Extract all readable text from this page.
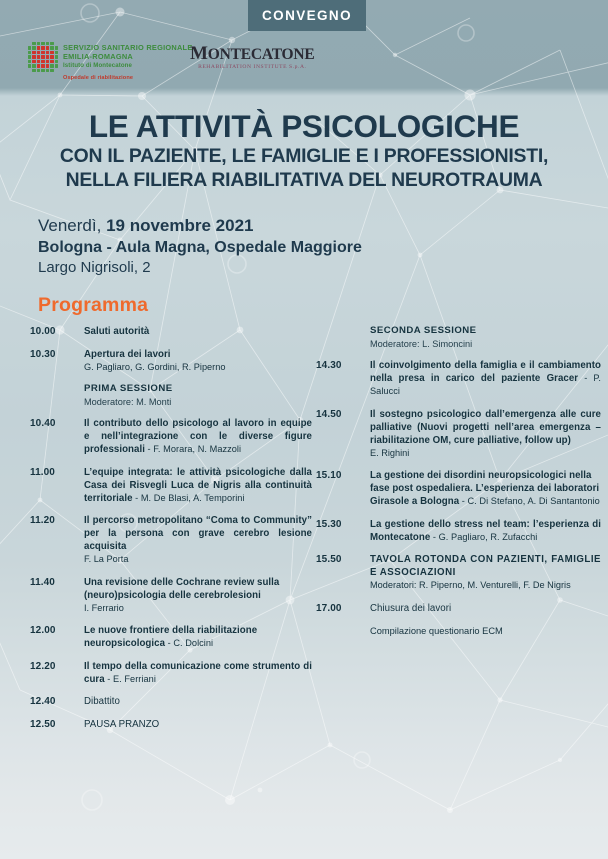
CONVEGNO
SERVIZIO SANITARIO REGIONALE
EMILIA-ROMAGNA
Istituto di Montecatone
Ospedale di riabilitazione
MONTECATONE
REHABILITATION INSTITUTE S.p.A.
LE ATTIVITÀ PSICOLOGICHE
CON IL PAZIENTE, LE FAMIGLIE E I PROFESSIONISTI,
NELLA FILIERA RIABILITATIVA DEL NEUROTRAUMA
Venerdì, 19 novembre 2021
Bologna - Aula Magna, Ospedale Maggiore
Largo Nigrisoli, 2
Programma
10.00	Saluti autorità
10.30	Apertura dei lavori
G. Pagliaro, G. Gordini, R. Piperno
PRIMA SESSIONE
Moderatore: M. Monti
10.40	Il contributo dello psicologo al lavoro in equipe e nell’integrazione con le diverse figure professionali - F. Morara, N. Mazzoli
11.00	L’equipe integrata: le attività psicologiche dalla Casa dei Risvegli Luca de Nigris alla continuità territoriale - M. De Blasi, A. Temporini
11.20	Il percorso metropolitano “Coma to Community” per la persona con grave cerebro lesione acquisita
F. La Porta
11.40	Una revisione delle Cochrane review sulla (neuro)psicologia delle cerebrolesioni
I. Ferrario
12.00	Le nuove frontiere della riabilitazione neuropsicologica - C. Dolcini
12.20	Il tempo della comunicazione come strumento di cura - E. Ferriani
12.40	Dibattito
12.50	PAUSA PRANZO
SECONDA SESSIONE
Moderatore: L. Simoncini
14.30	Il coinvolgimento della famiglia e il cambiamento nella presa in carico del paziente Gracer - P. Salucci
14.50	Il sostegno psicologico dall’emergenza alle cure palliative (Nuovi progetti nell’area emergenza – riabilitazione OM, cure palliative, follow up)
E. Righini
15.10	La gestione dei disordini neuropsicologici nella fase post ospedaliera. L’esperienza dei laboratori Girasole a Bologna - C. Di Stefano, A. Di Santantonio
15.30	La gestione dello stress nel team: l’esperienza di Montecatone - G. Pagliaro, R. Zufacchi
15.50	TAVOLA ROTONDA CON PAZIENTI, FAMIGLIE E ASSOCIAZIONI
Moderatori: R. Piperno, M. Venturelli, F. De Nigris
17.00	Chiusura dei lavori
Compilazione questionario ECM
